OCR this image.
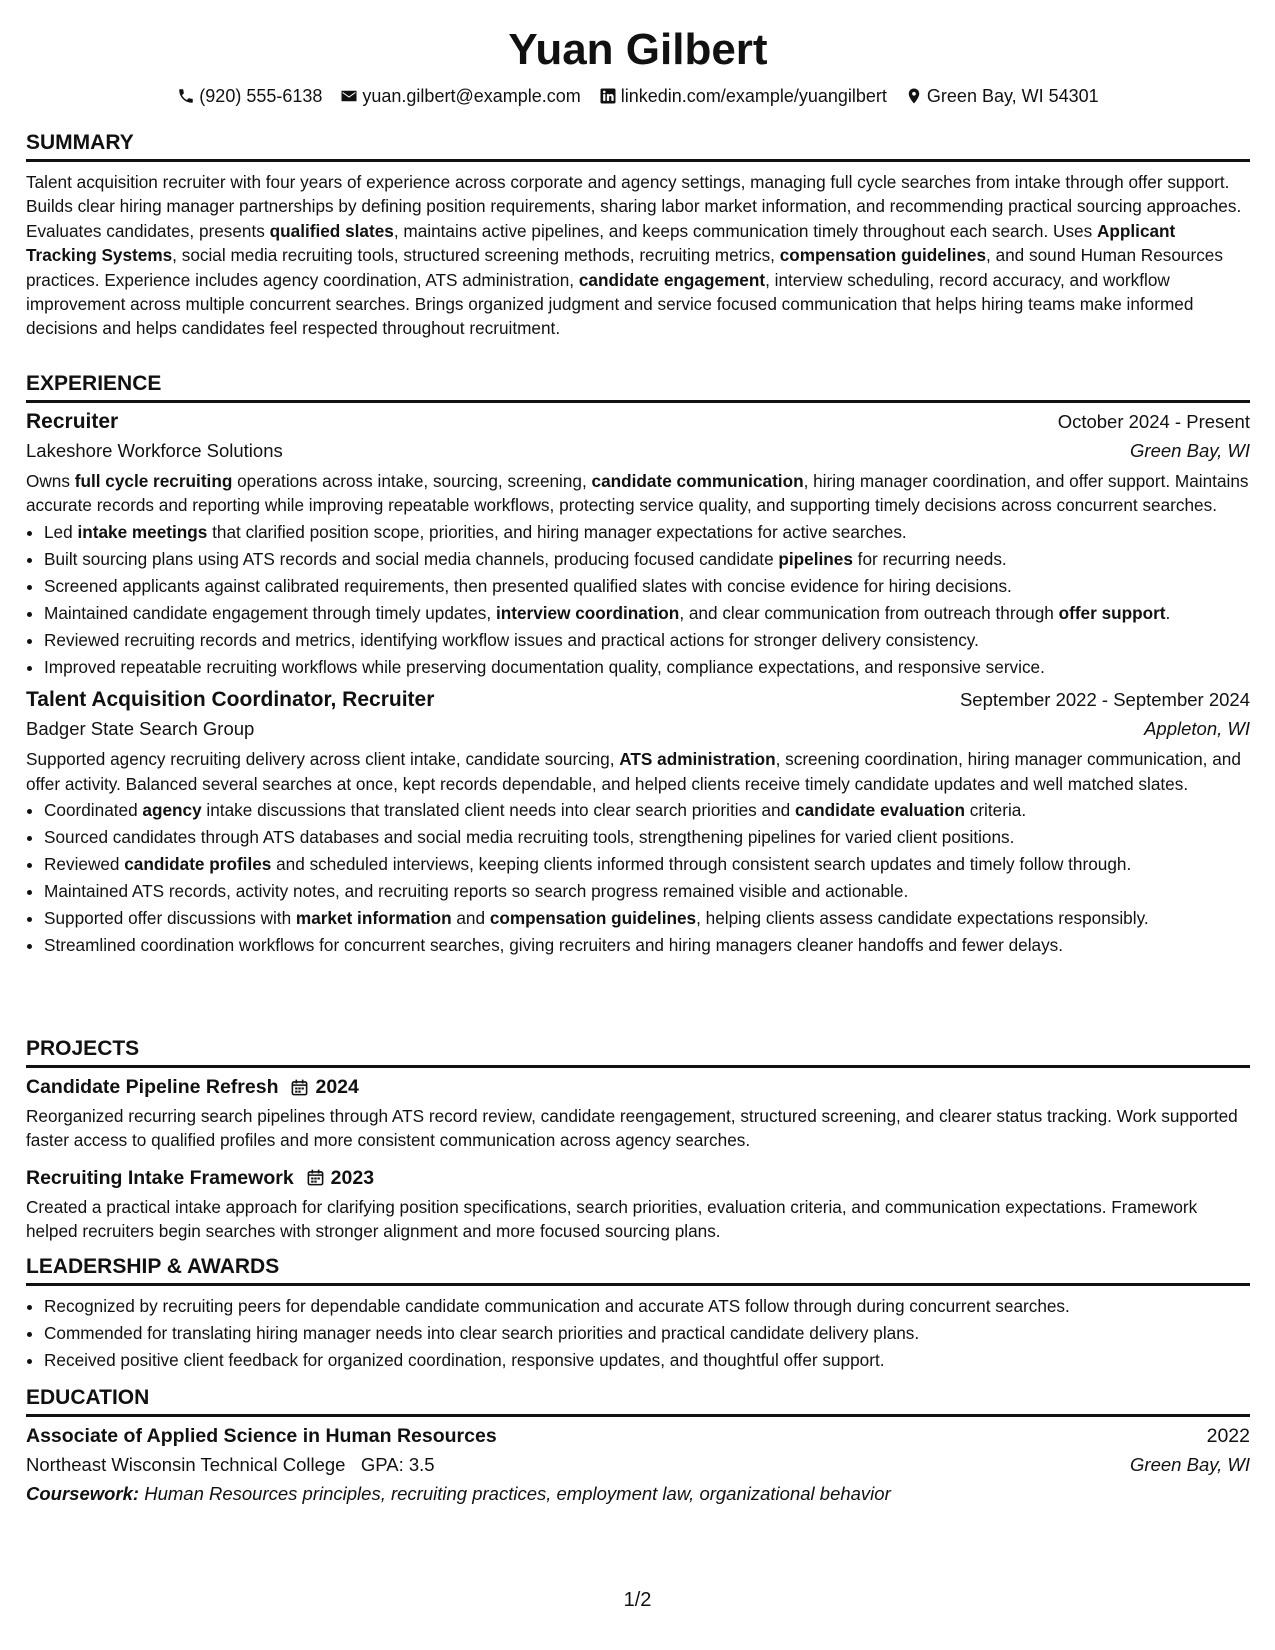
Yuan Gilbert
(920) 555-6138 yuan.gilbert@example.com linkedin.com/example/yuangilbert Green Bay, WI 54301
SUMMARY
Talent acquisition recruiter with four years of experience across corporate and agency settings, managing full cycle searches from intake through offer support. Builds clear hiring manager partnerships by defining position requirements, sharing labor market information, and recommending practical sourcing approaches. Evaluates candidates, presents qualified slates, maintains active pipelines, and keeps communication timely throughout each search. Uses Applicant Tracking Systems, social media recruiting tools, structured screening methods, recruiting metrics, compensation guidelines, and sound Human Resources practices. Experience includes agency coordination, ATS administration, candidate engagement, interview scheduling, record accuracy, and workflow improvement across multiple concurrent searches. Brings organized judgment and service focused communication that helps hiring teams make informed decisions and helps candidates feel respected throughout recruitment.
EXPERIENCE
Recruiter	October 2024 - Present
Lakeshore Workforce Solutions	Green Bay, WI
Owns full cycle recruiting operations across intake, sourcing, screening, candidate communication, hiring manager coordination, and offer support. Maintains accurate records and reporting while improving repeatable workflows, protecting service quality, and supporting timely decisions across concurrent searches.
• Led intake meetings that clarified position scope, priorities, and hiring manager expectations for active searches.
• Built sourcing plans using ATS records and social media channels, producing focused candidate pipelines for recurring needs.
• Screened applicants against calibrated requirements, then presented qualified slates with concise evidence for hiring decisions.
• Maintained candidate engagement through timely updates, interview coordination, and clear communication from outreach through offer support.
• Reviewed recruiting records and metrics, identifying workflow issues and practical actions for stronger delivery consistency.
• Improved repeatable recruiting workflows while preserving documentation quality, compliance expectations, and responsive service.
Talent Acquisition Coordinator, Recruiter	September 2022 - September 2024
Badger State Search Group	Appleton, WI
Supported agency recruiting delivery across client intake, candidate sourcing, ATS administration, screening coordination, hiring manager communication, and offer activity. Balanced several searches at once, kept records dependable, and helped clients receive timely candidate updates and well matched slates.
• Coordinated agency intake discussions that translated client needs into clear search priorities and candidate evaluation criteria.
• Sourced candidates through ATS databases and social media recruiting tools, strengthening pipelines for varied client positions.
• Reviewed candidate profiles and scheduled interviews, keeping clients informed through consistent search updates and timely follow through.
• Maintained ATS records, activity notes, and recruiting reports so search progress remained visible and actionable.
• Supported offer discussions with market information and compensation guidelines, helping clients assess candidate expectations responsibly.
• Streamlined coordination workflows for concurrent searches, giving recruiters and hiring managers cleaner handoffs and fewer delays.
PROJECTS
Candidate Pipeline Refresh 2024
Reorganized recurring search pipelines through ATS record review, candidate reengagement, structured screening, and clearer status tracking. Work supported faster access to qualified profiles and more consistent communication across agency searches.
Recruiting Intake Framework 2023
Created a practical intake approach for clarifying position specifications, search priorities, evaluation criteria, and communication expectations. Framework helped recruiters begin searches with stronger alignment and more focused sourcing plans.
LEADERSHIP & AWARDS
• Recognized by recruiting peers for dependable candidate communication and accurate ATS follow through during concurrent searches.
• Commended for translating hiring manager needs into clear search priorities and practical candidate delivery plans.
• Received positive client feedback for organized coordination, responsive updates, and thoughtful offer support.
EDUCATION
Associate of Applied Science in Human Resources	2022
Northeast Wisconsin Technical College GPA: 3.5	Green Bay, WI
Coursework: Human Resources principles, recruiting practices, employment law, organizational behavior
1/2
